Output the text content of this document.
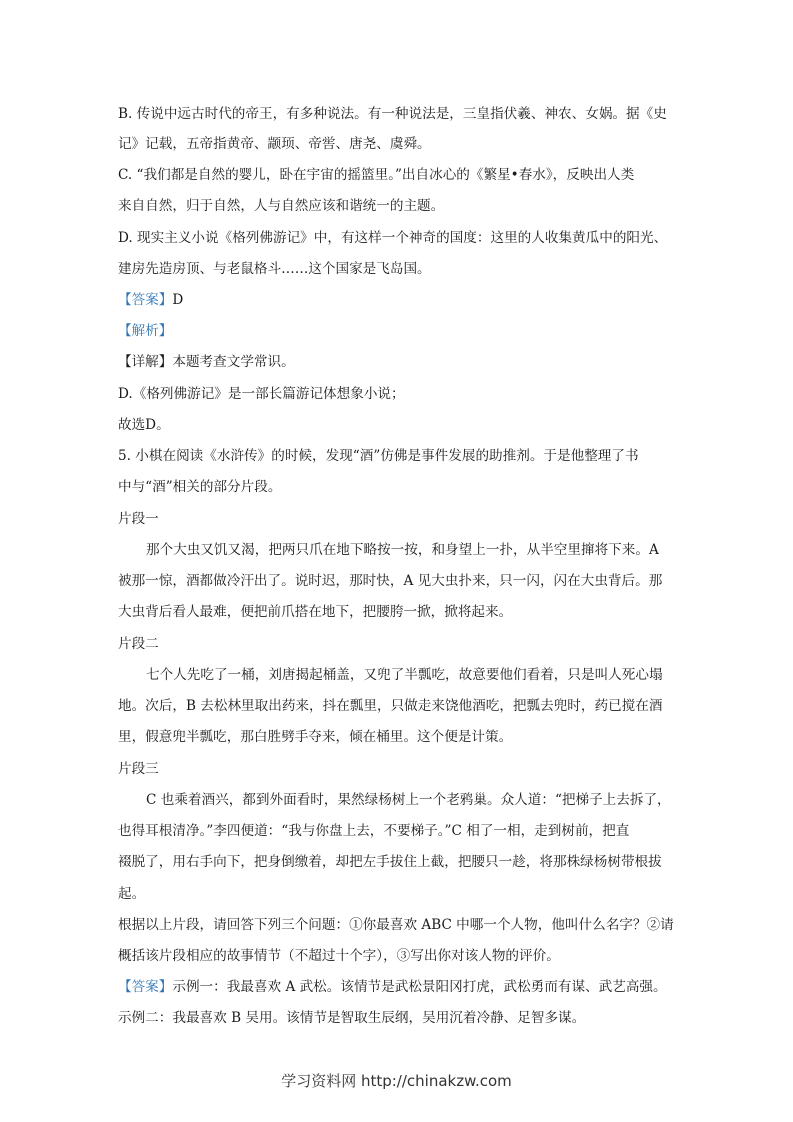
B. 传说中远古时代的帝王，有多种说法。有一种说法是，三皇指伏羲、神农、女娲。据《史
记》记载，五帝指黄帝、颛顼、帝喾、唐尧、虞舜。
C. “我们都是自然的婴儿，卧在宇宙的摇篮里。”出自冰心的《繁星•春水》，反映出人类
来自自然，归于自然，人与自然应该和谐统一的主题。
D. 现实主义小说《格列佛游记》中，有这样一个神奇的国度：这里的人收集黄瓜中的阳光、
建房先造房顶、与老鼠格斗……这个国家是飞岛国。
【答案】D
【解析】
【详解】本题考查文学常识。
D.《格列佛游记》是一部长篇游记体想象小说；
故选D。
5. 小棋在阅读《水浒传》的时候，发现“酒”仿佛是事件发展的助推剂。于是他整理了书
中与“酒”相关的部分片段。
片段一
那个大虫又饥又渴，把两只爪在地下略按一按，和身望上一扑，从半空里撺将下来。A
被那一惊，酒都做冷汗出了。说时迟，那时快，A 见大虫扑来，只一闪，闪在大虫背后。那
大虫背后看人最难，便把前爪搭在地下，把腰胯一掀，掀将起来。
片段二
七个人先吃了一桶，刘唐揭起桶盖，又兜了半瓢吃，故意要他们看着，只是叫人死心塌
地。次后，B 去松林里取出药来，抖在瓢里，只做走来饶他酒吃，把瓢去兜时，药已搅在酒
里，假意兜半瓢吃，那白胜劈手夺来，倾在桶里。这个便是计策。
片段三
C 也乘着酒兴，都到外面看时，果然绿杨树上一个老鸦巢。众人道：“把梯子上去拆了，
也得耳根清净。”李四便道：“我与你盘上去，不要梯子。”C 相了一相，走到树前，把直
裰脱了，用右手向下，把身倒缴着，却把左手拔住上截，把腰只一趁，将那株绿杨树带根拔
起。
根据以上片段，请回答下列三个问题：①你最喜欢 ABC 中哪一个人物，他叫什么名字？②请
概括该片段相应的故事情节（不超过十个字），③写出你对该人物的评价。
【答案】示例一：我最喜欢 A 武松。该情节是武松景阳冈打虎，武松勇而有谋、武艺高强。
示例二：我最喜欢 B 吴用。该情节是智取生辰纲，吴用沉着冷静、足智多谋。
学习资料网 http://chinakzw.com
